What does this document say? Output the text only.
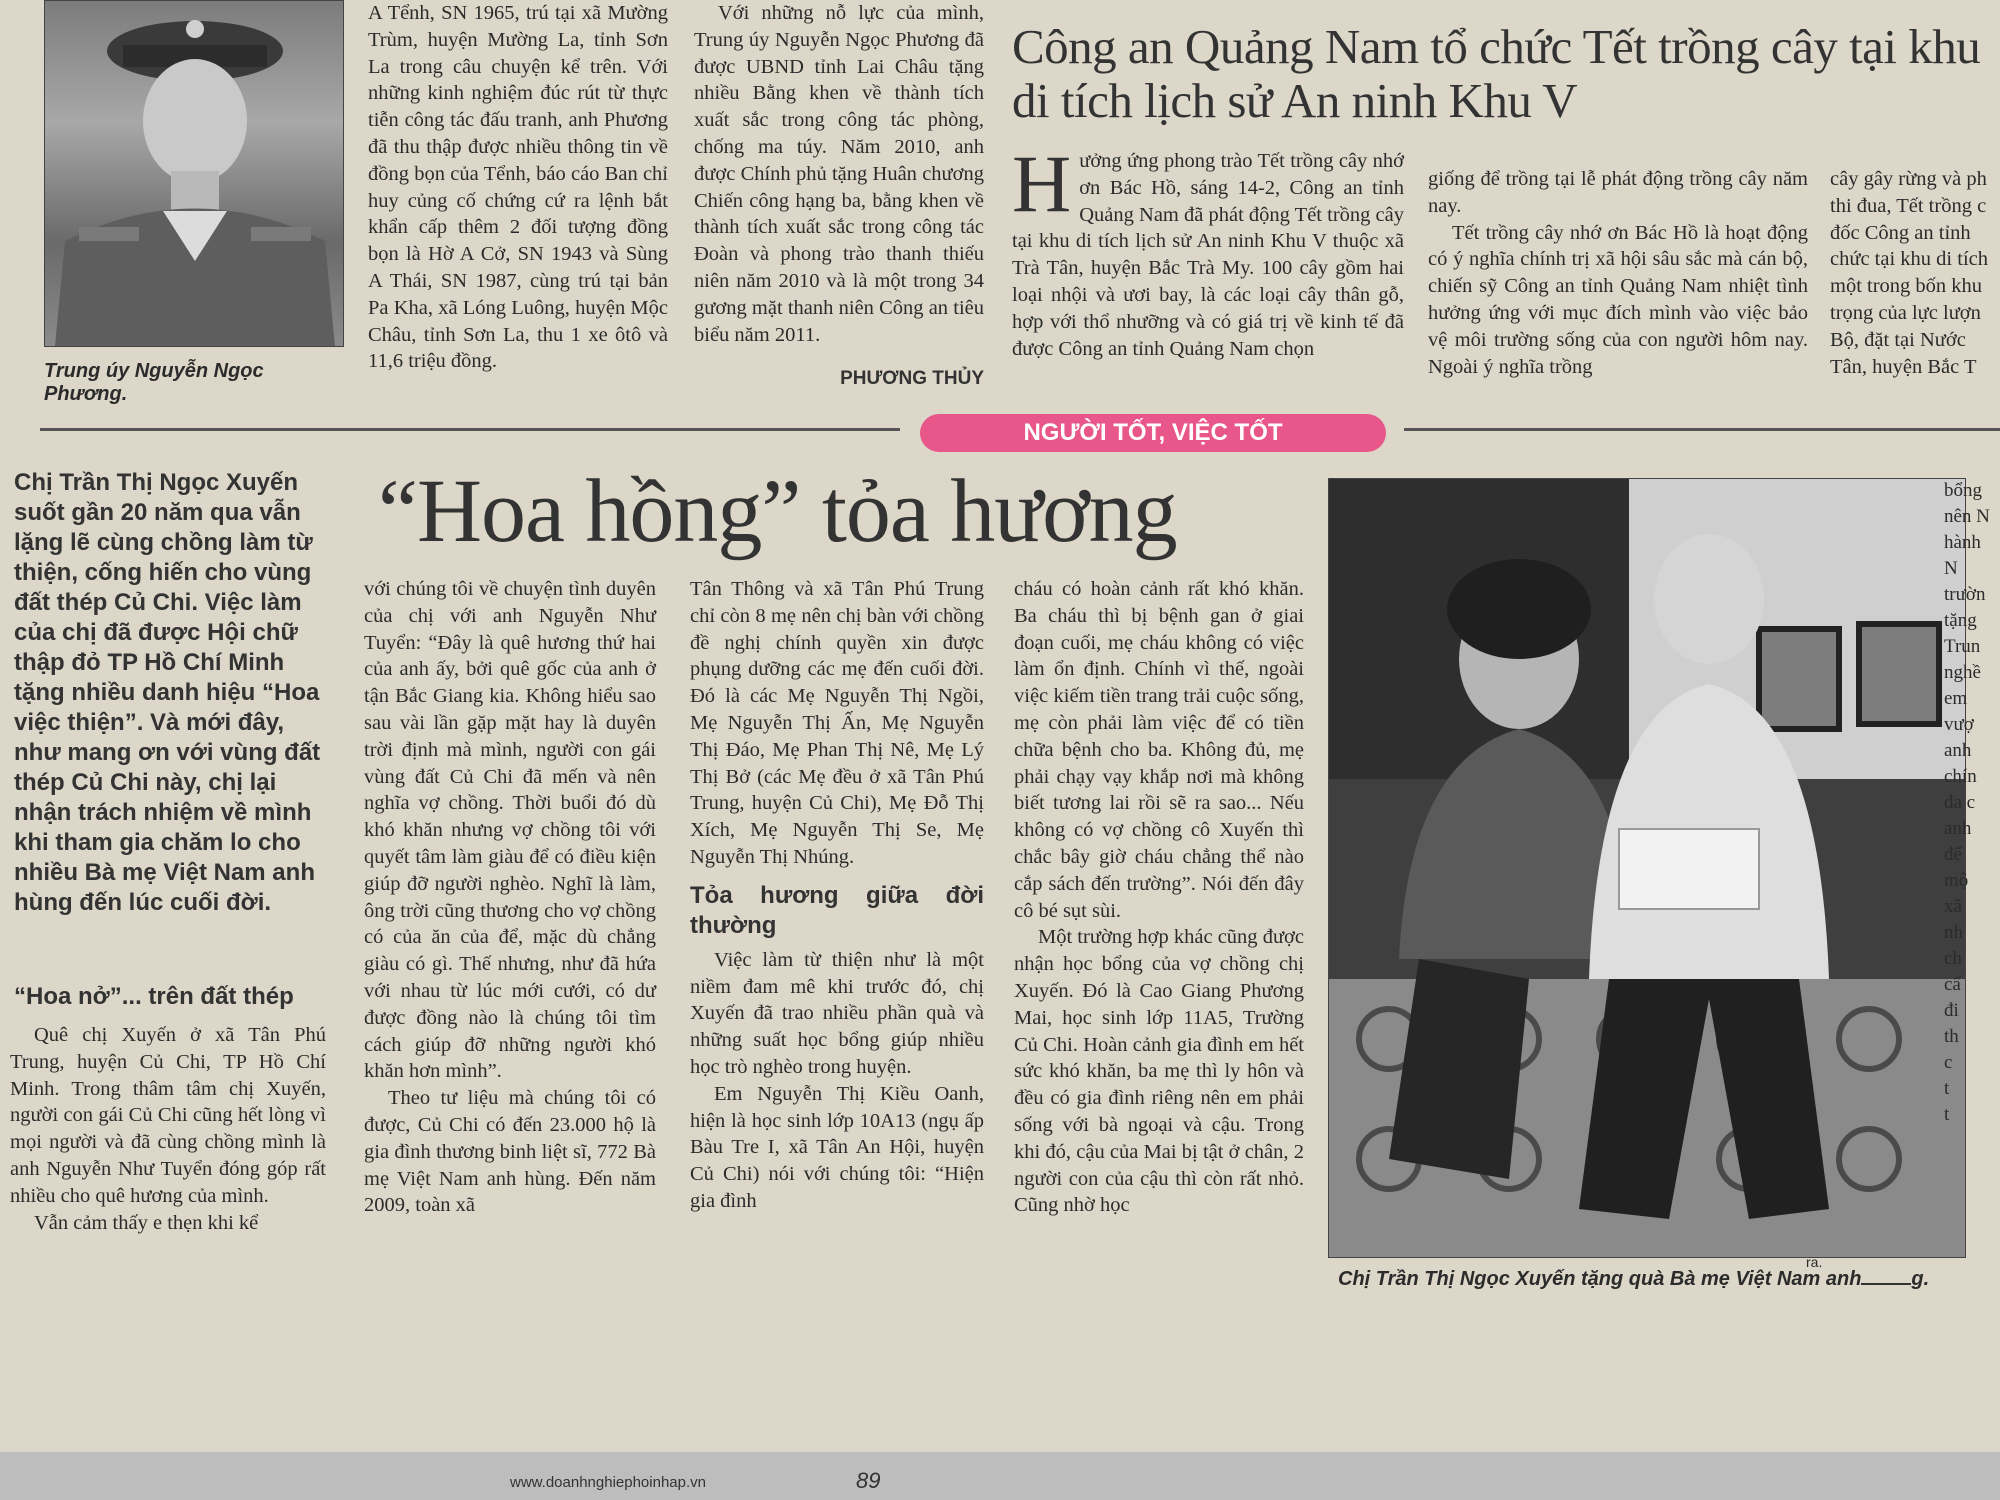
Trung úy Nguyễn Ngọc Phương.

A Tểnh, SN 1965, trú tại xã Mường Trùm, huyện Mường La, tỉnh Sơn La trong câu chuyện kể trên. Với những kinh nghiệm đúc rút từ thực tiễn công tác đấu tranh, anh Phương đã thu thập được nhiều thông tin về đồng bọn của Tểnh, báo cáo Ban chỉ huy củng cố chứng cứ ra lệnh bắt khẩn cấp thêm 2 đối tượng đồng bọn là Hờ A Cở, SN 1943 và Sùng A Thái, SN 1987, cùng trú tại bản Pa Kha, xã Lóng Luông, huyện Mộc Châu, tỉnh Sơn La, thu 1 xe ôtô và 11,6 triệu đồng.

Với những nỗ lực của mình, Trung úy Nguyễn Ngọc Phương đã được UBND tỉnh Lai Châu tặng nhiều Bằng khen về thành tích xuất sắc trong công tác phòng, chống ma túy. Năm 2010, anh được Chính phủ tặng Huân chương Chiến công hạng ba, bằng khen về thành tích xuất sắc trong công tác Đoàn và phong trào thanh thiếu niên năm 2010 và là một trong 34 gương mặt thanh niên Công an tiêu biểu năm 2011.

PHƯƠNG THỦY
Công an Quảng Nam tổ chức Tết trồng cây tại khu di tích lịch sử An ninh Khu V
H ưởng ứng phong trào Tết trồng cây nhớ ơn Bác Hồ, sáng 14-2, Công an tỉnh Quảng Nam đã phát động Tết trồng cây tại khu di tích lịch sử An ninh Khu V thuộc xã Trà Tân, huyện Bắc Trà My. 100 cây gồm hai loại nhội và ươi bay, là các loại cây thân gỗ, hợp với thổ nhưỡng và có giá trị về kinh tế đã được Công an tỉnh Quảng Nam chọn

giống để trồng tại lễ phát động trồng cây năm nay.

Tết trồng cây nhớ ơn Bác Hồ là hoạt động có ý nghĩa chính trị xã hội sâu sắc mà cán bộ, chiến sỹ Công an tỉnh Quảng Nam nhiệt tình hưởng ứng với mục đích mình vào việc bảo vệ môi trường sống của con người hôm nay. Ngoài ý nghĩa trồng

cây gây rừng và ph thi đua, Tết trồng c đốc Công an tỉnh chức tại khu di tích một trong bốn khu trọng của lực lượn Bộ, đặt tại Nước Tân, huyện Bắc T
NGƯỜI TỐT, VIỆC TỐT
“Hoa hồng” tỏa hương
Chị Trần Thị Ngọc Xuyến suốt gần 20 năm qua vẫn lặng lẽ cùng chồng làm từ thiện, cống hiến cho vùng đất thép Củ Chi. Việc làm của chị đã được Hội chữ thập đỏ TP Hồ Chí Minh tặng nhiều danh hiệu “Hoa việc thiện”. Và mới đây, như mang ơn với vùng đất thép Củ Chi này, chị lại nhận trách nhiệm về mình khi tham gia chăm lo cho nhiều Bà mẹ Việt Nam anh hùng đến lúc cuối đời.
“Hoa nở”... trên đất thép

Quê chị Xuyến ở xã Tân Phú Trung, huyện Củ Chi, TP Hồ Chí Minh. Trong thâm tâm chị Xuyến, người con gái Củ Chi cũng hết lòng vì mọi người và đã cùng chồng mình là anh Nguyễn Như Tuyển đóng góp rất nhiều cho quê hương của mình.

Vẫn cảm thấy e thẹn khi kể

với chúng tôi về chuyện tình duyên của chị với anh Nguyễn Như Tuyển: “Đây là quê hương thứ hai của anh ấy, bởi quê gốc của anh ở tận Bắc Giang kia. Không hiểu sao sau vài lần gặp mặt hay là duyên trời định mà mình, người con gái vùng đất Củ Chi đã mến và nên nghĩa vợ chồng. Thời buổi đó dù khó khăn nhưng vợ chồng tôi với quyết tâm làm giàu để có điều kiện giúp đỡ người nghèo. Nghĩ là làm, ông trời cũng thương cho vợ chồng có của ăn của để, mặc dù chẳng giàu có gì. Thế nhưng, như đã hứa với nhau từ lúc mới cưới, có dư được đồng nào là chúng tôi tìm cách giúp đỡ những người khó khăn hơn mình”.

Theo tư liệu mà chúng tôi có được, Củ Chi có đến 23.000 hộ là gia đình thương binh liệt sĩ, 772 Bà mẹ Việt Nam anh hùng. Đến năm 2009, toàn xã

Tân Thông và xã Tân Phú Trung chỉ còn 8 mẹ nên chị bàn với chồng đề nghị chính quyền xin được phụng dưỡng các mẹ đến cuối đời. Đó là các Mẹ Nguyễn Thị Ngồi, Mẹ Nguyễn Thị Ấn, Mẹ Nguyễn Thị Đáo, Mẹ Phan Thị Nê, Mẹ Lý Thị Bở (các Mẹ đều ở xã Tân Phú Trung, huyện Củ Chi), Mẹ Đỗ Thị Xích, Mẹ Nguyễn Thị Se, Mẹ Nguyễn Thị Nhúng.

Tỏa hương giữa đời thường

Việc làm từ thiện như là một niềm đam mê khi trước đó, chị Xuyến đã trao nhiều phần quà và những suất học bổng giúp nhiều học trò nghèo trong huyện.

Em Nguyễn Thị Kiều Oanh, hiện là học sinh lớp 10A13 (ngụ ấp Bàu Tre I, xã Tân An Hội, huyện Củ Chi) nói với chúng tôi: “Hiện gia đình

cháu có hoàn cảnh rất khó khăn. Ba cháu thì bị bệnh gan ở giai đoạn cuối, mẹ cháu không có việc làm ổn định. Chính vì thế, ngoài việc kiếm tiền trang trải cuộc sống, mẹ còn phải làm việc để có tiền chữa bệnh cho ba. Không đủ, mẹ phải chạy vạy khắp nơi mà không biết tương lai rồi sẽ ra sao... Nếu không có vợ chồng cô Xuyến thì chắc bây giờ cháu chẳng thể nào cắp sách đến trường”. Nói đến đây cô bé sụt sùi.

Một trường hợp khác cũng được nhận học bổng của vợ chồng chị Xuyến. Đó là Cao Giang Phương Mai, học sinh lớp 11A5, Trường Củ Chi. Hoàn cảnh gia đình em hết sức khó khăn, ba mẹ thì ly hôn và đều có gia đình riêng nên em phải sống với bà ngoại và cậu. Trong khi đó, cậu của Mai bị tật ở chân, 2 người con của cậu thì còn rất nhỏ. Cũng nhờ học

Chị Trần Thị Ngọc Xuyến tặng quà Bà mẹ Việt Nam anh	g.
ra.
bổng
nên N
hành
N
trườn
tặng
Trun
nghề
em
vượ
anh
chín
da c
anh
để
mộ
xã
nh
ch
cấ
đi
th
c
t
t
www.doanhnghiephoinhap.vn	89
